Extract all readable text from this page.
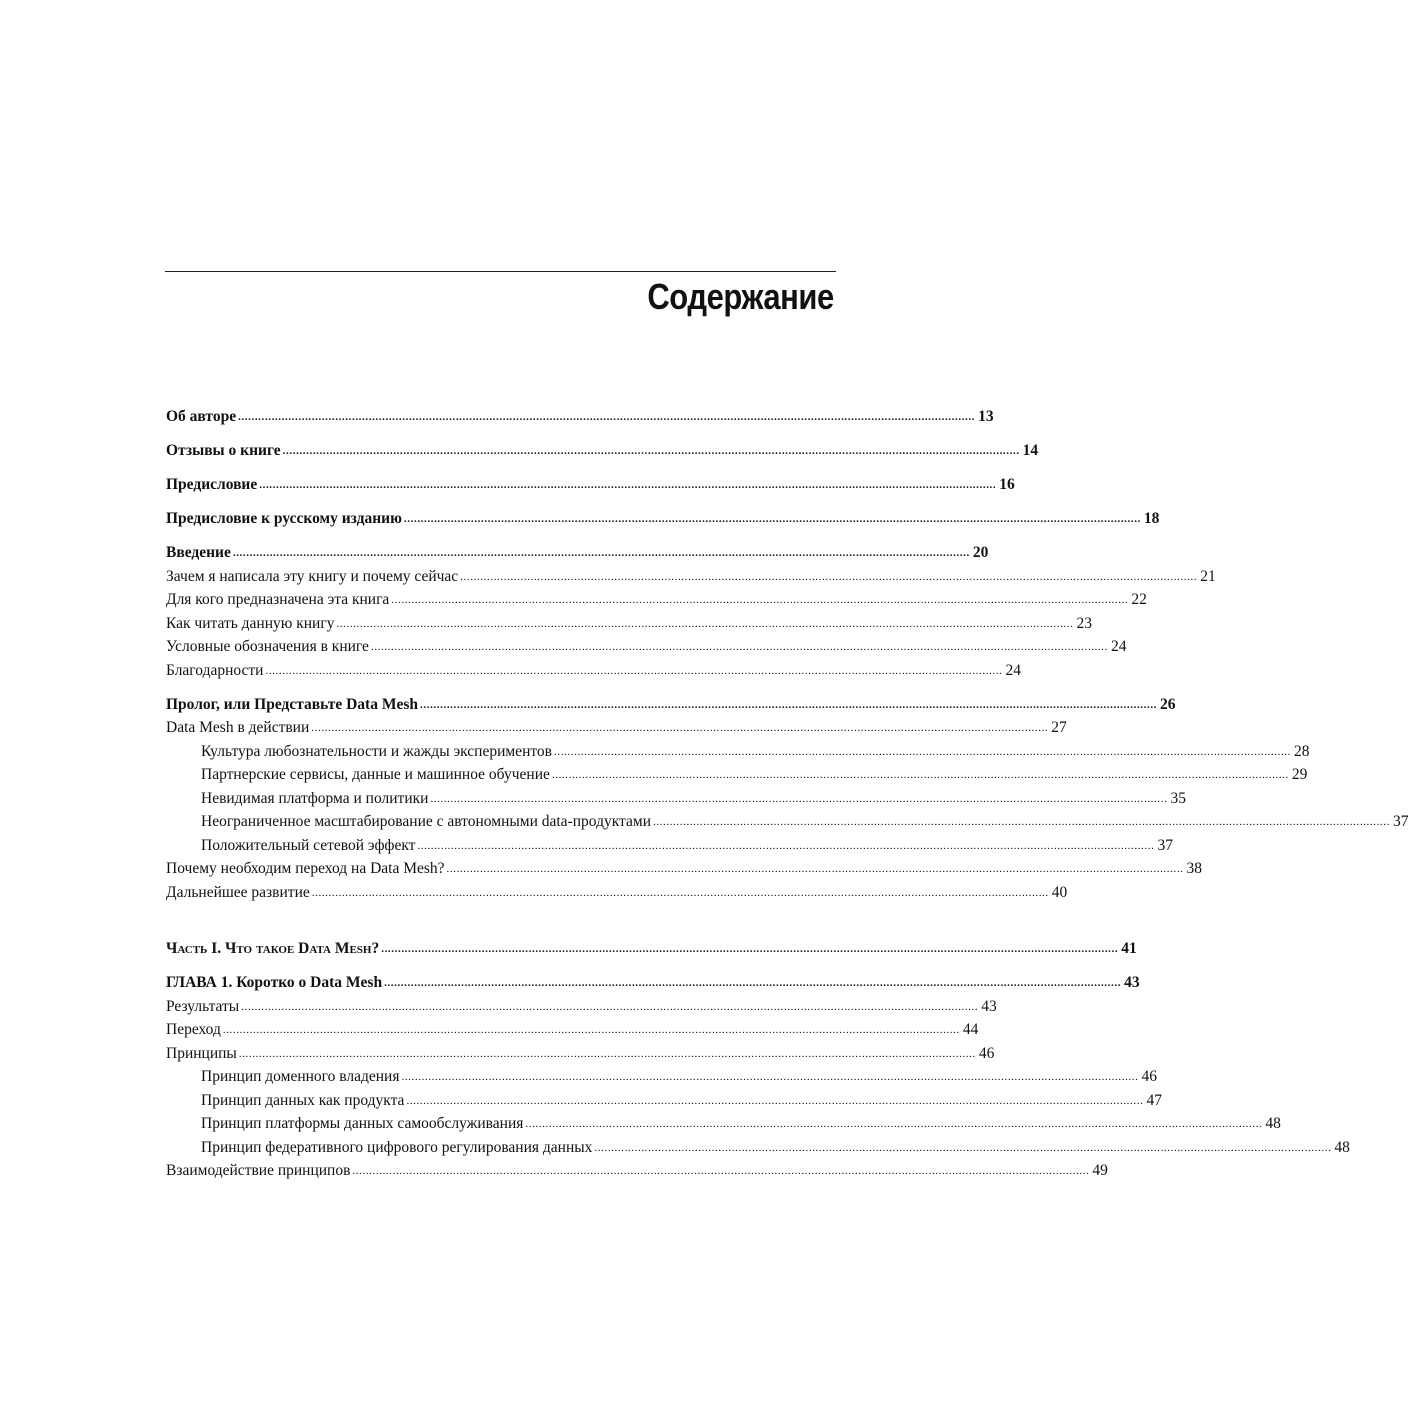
Содержание
Об авторе ............................................................................................................................................................................................................................ 13
Отзывы о книге ............................................................................................................................................................................................................................ 14
Предисловие ............................................................................................................................................................................................................................ 16
Предисловие к русскому изданию ............................................................................................................................................................................................................................ 18
Введение ............................................................................................................................................................................................................................ 20
Зачем я написала эту книгу и почему сейчас ............................................................................................................................................................................................................................ 21
Для кого предназначена эта книга ............................................................................................................................................................................................................................ 22
Как читать данную книгу ............................................................................................................................................................................................................................ 23
Условные обозначения в книге ............................................................................................................................................................................................................................ 24
Благодарности ............................................................................................................................................................................................................................ 24
Пролог, или Представьте Data Mesh ............................................................................................................................................................................................................................ 26
Data Mesh в действии ............................................................................................................................................................................................................................ 27
Культура любознательности и жажды экспериментов ............................................................................................................................................................................................................................ 28
Партнерские сервисы, данные и машинное обучение ............................................................................................................................................................................................................................ 29
Невидимая платформа и политики ............................................................................................................................................................................................................................ 35
Неограниченное масштабирование с автономными data-продуктами ............................................................................................................................................................................................................................ 37
Положительный сетевой эффект ............................................................................................................................................................................................................................ 37
Почему необходим переход на Data Mesh? ............................................................................................................................................................................................................................ 38
Дальнейшее развитие ............................................................................................................................................................................................................................ 40
Часть I. Что такое Data Mesh? ............................................................................................................................................................................................................................ 41
ГЛАВА 1. Коротко о Data Mesh ............................................................................................................................................................................................................................ 43
Результаты ............................................................................................................................................................................................................................ 43
Переход ............................................................................................................................................................................................................................ 44
Принципы ............................................................................................................................................................................................................................ 46
Принцип доменного владения ............................................................................................................................................................................................................................ 46
Принцип данных как продукта ............................................................................................................................................................................................................................ 47
Принцип платформы данных самообслуживания ............................................................................................................................................................................................................................ 48
Принцип федеративного цифрового регулирования данных ............................................................................................................................................................................................................................ 48
Взаимодействие принципов ............................................................................................................................................................................................................................ 49
